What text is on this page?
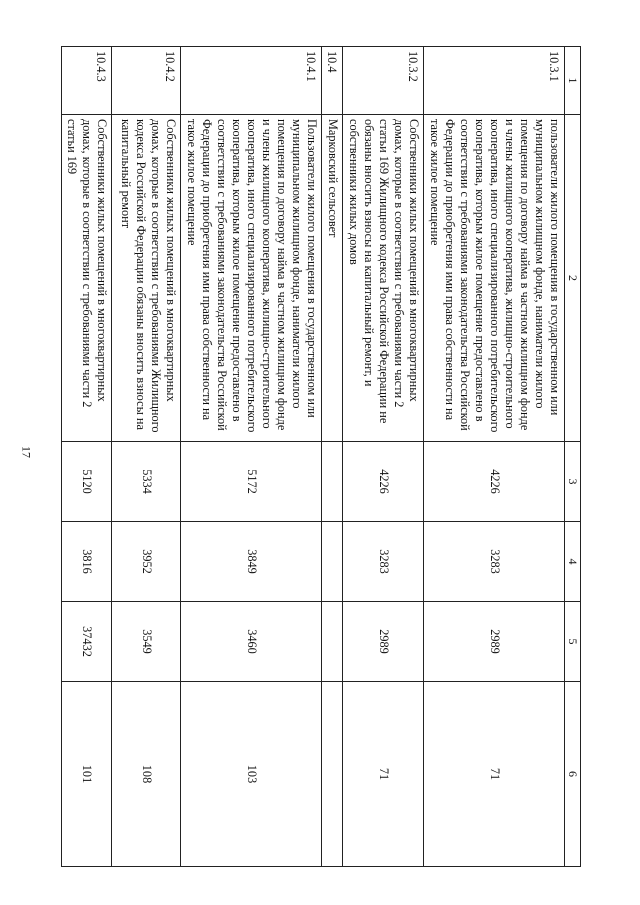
17
1	2	3	4	5	6
10.3.1	пользователи жилого помещения в государственном или муниципальном жилищном фонде, наниматели жилого помещения по договору найма в частном жилищном фонде и члены жилищного кооператива, жилищно-строительного кооператива, иного специализированного потребительского кооператива, которым жилое помещение предоставлено в соответствии с требованиями законодательства Российской Федерации до приобретения ими права собственности на такое жилое помещение	4226	3283	2989	71
10.3.2	Собственники жилых помещений в многоквартирных домах, которые в соответствии с требованиями части 2 статьи 169 Жилищного кодекса Российской Федерации не обязаны вносить взносы на капитальный ремонт, и собственники жилых домов	4226	3283	2989	71
10.4	Марковский сельсовет				
10.4.1	Пользователи жилого помещения в государственном или муниципальном жилищном фонде, наниматели жилого помещения по договору найма в частном жилищном фонде и члены жилищного кооператива, жилищно-строительного кооператива, иного специализированного потребительского кооператива, которым жилое помещение предоставлено в соответствии с требованиями законодательства Российской Федерации до приобретения ими права собственности на такое жилое помещение	5172	3849	3460	103
10.4.2	Собственники жилых помещений в многоквартирных домах, которые в соответствии с требованиями Жилищного кодекса Российской Федерации обязаны вносить взносы на капитальный ремонт	5334	3952	3549	108
10.4.3	Собственники жилых помещений в многоквартирных домах, которые в соответствии с требованиями части 2 статьи 169	5120	3816	37432	101
